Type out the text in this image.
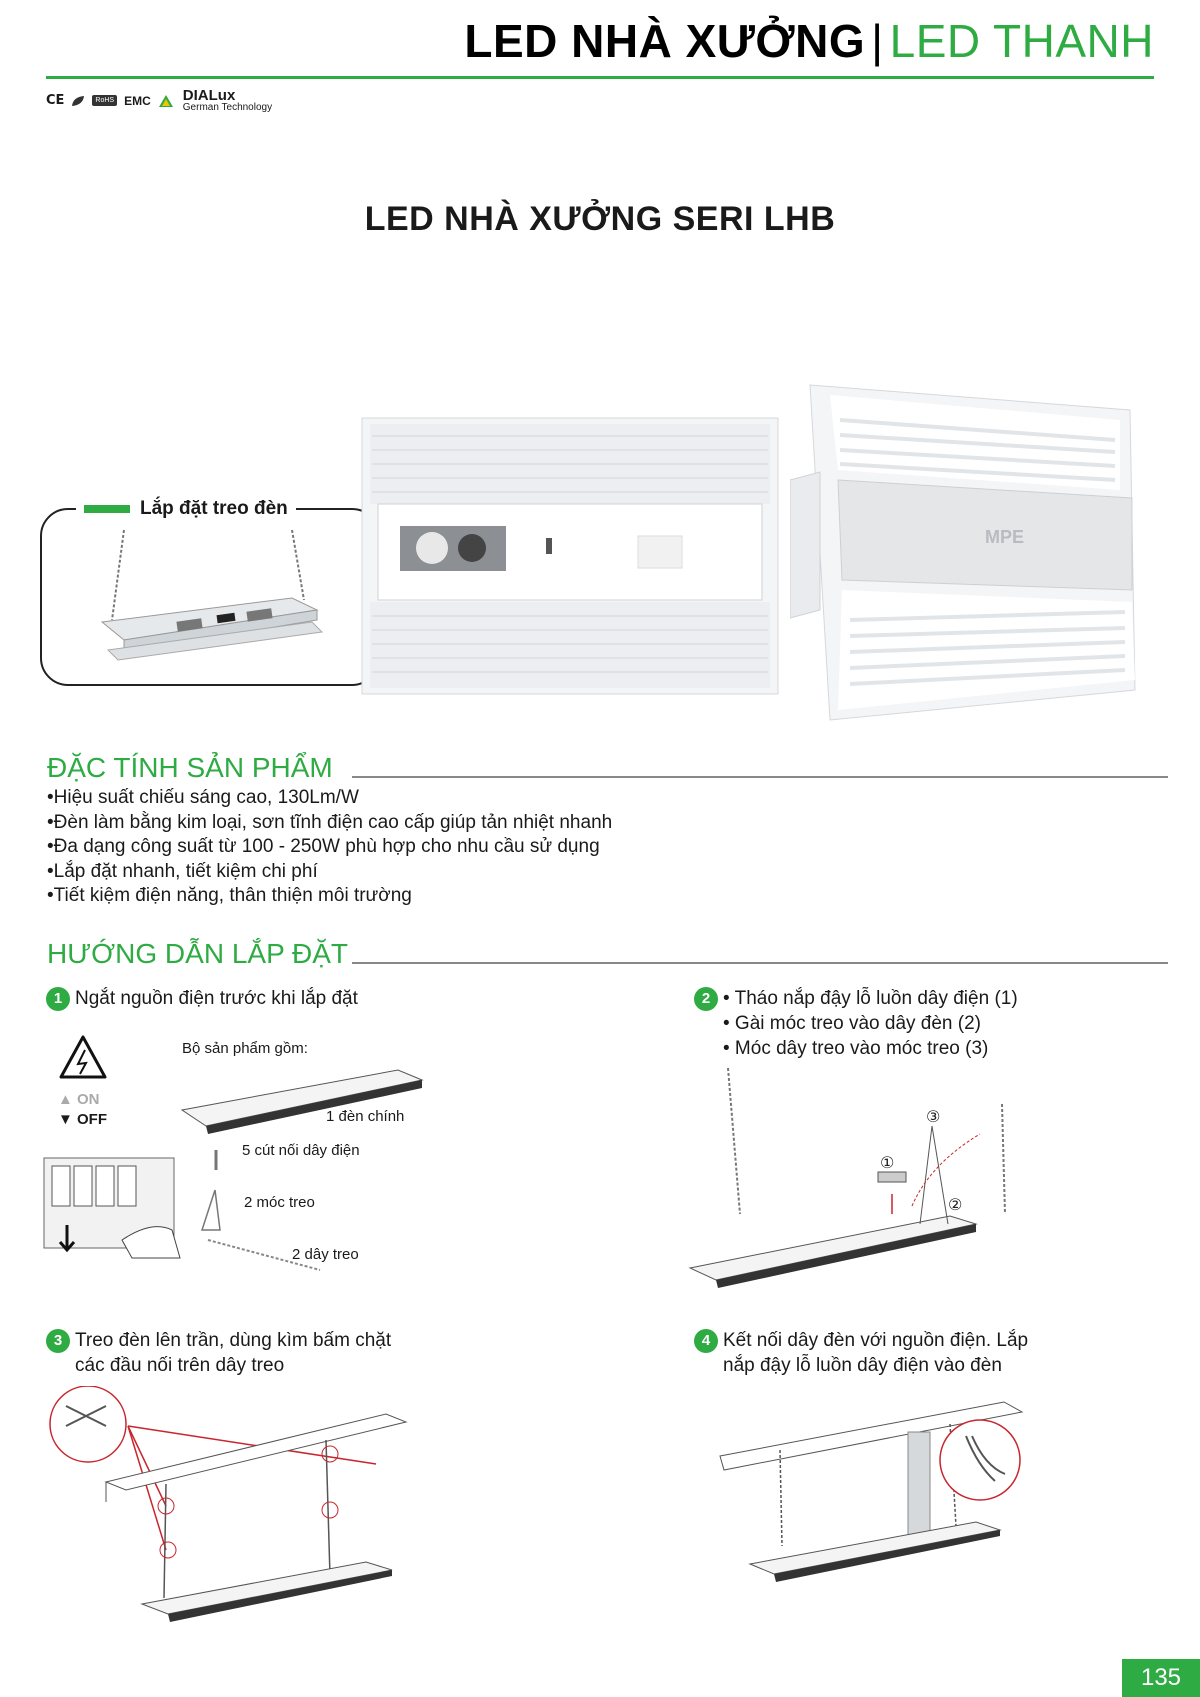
LED NHÀ XƯỞNG | LED THANH
CE	RoHS EMC DIALux
German Technology
LED NHÀ XƯỞNG SERI LHB
Lắp đặt treo đèn
MPE
ĐẶC TÍNH SẢN PHẨM
• Hiệu suất chiếu sáng cao, 130Lm/W
• Đèn làm bằng kim loại, sơn tĩnh điện cao cấp giúp tản nhiệt nhanh
• Đa dạng công suất từ 100 - 250W phù hợp cho nhu cầu sử dụng
• Lắp đặt nhanh, tiết kiệm chi phí
• Tiết kiệm điện năng, thân thiện môi trường
HƯỚNG DẪN LẮP ĐẶT
1 Ngắt nguồn điện trước khi lắp đặt
▲ ON
▼ OFF
Bộ sản phẩm gồm:
1 đèn chính
5 cút nối dây điện
2 móc treo
2 dây treo
2 • Tháo nắp đậy lỗ luồn dây điện (1)
• Gài móc treo vào dây đèn (2)
• Móc dây treo vào móc treo (3)
①
②
③
3 Treo đèn lên trần, dùng kìm bấm chặt
các đầu nối trên dây treo
4 Kết nối dây đèn với nguồn điện. Lắp
nắp đậy lỗ luồn dây điện vào đèn
135
